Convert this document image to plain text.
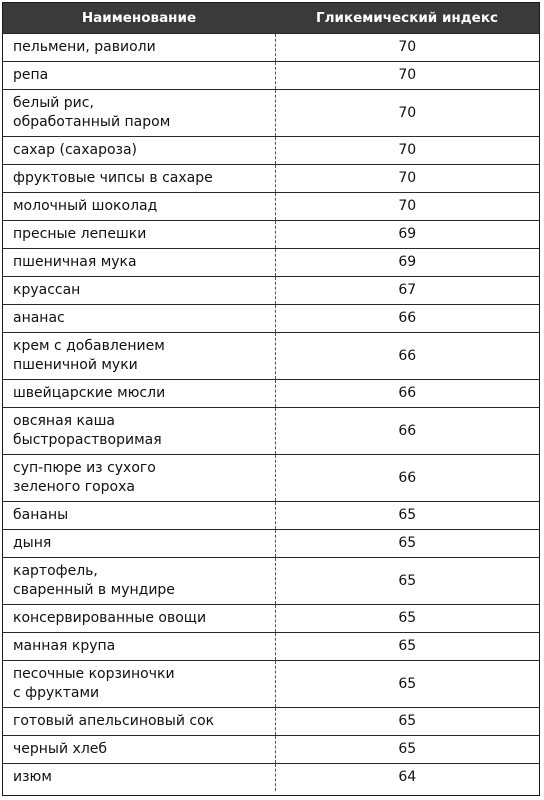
Наименование	Гликемический индекс

пельмени, равиоли	70

репа	70

белый рис,
обработанный паром	70

сахар (сахароза)	70

фруктовые чипсы в сахаре	70

молочный шоколад	70

пресные лепешки	69

пшеничная мука	69

круассан	67

ананас	66

крем с добавлением
пшеничной муки	66

швейцарские мюсли	66

овсяная каша
быстрорастворимая	66

суп-пюре из сухого
зеленого гороха	66

бананы	65

дыня	65

картофель,
сваренный в мундире	65

консервированные овощи	65

манная крупа	65

песочные корзиночки
с фруктами	65

готовый апельсиновый сок	65

черный хлеб	65

изюм	64
